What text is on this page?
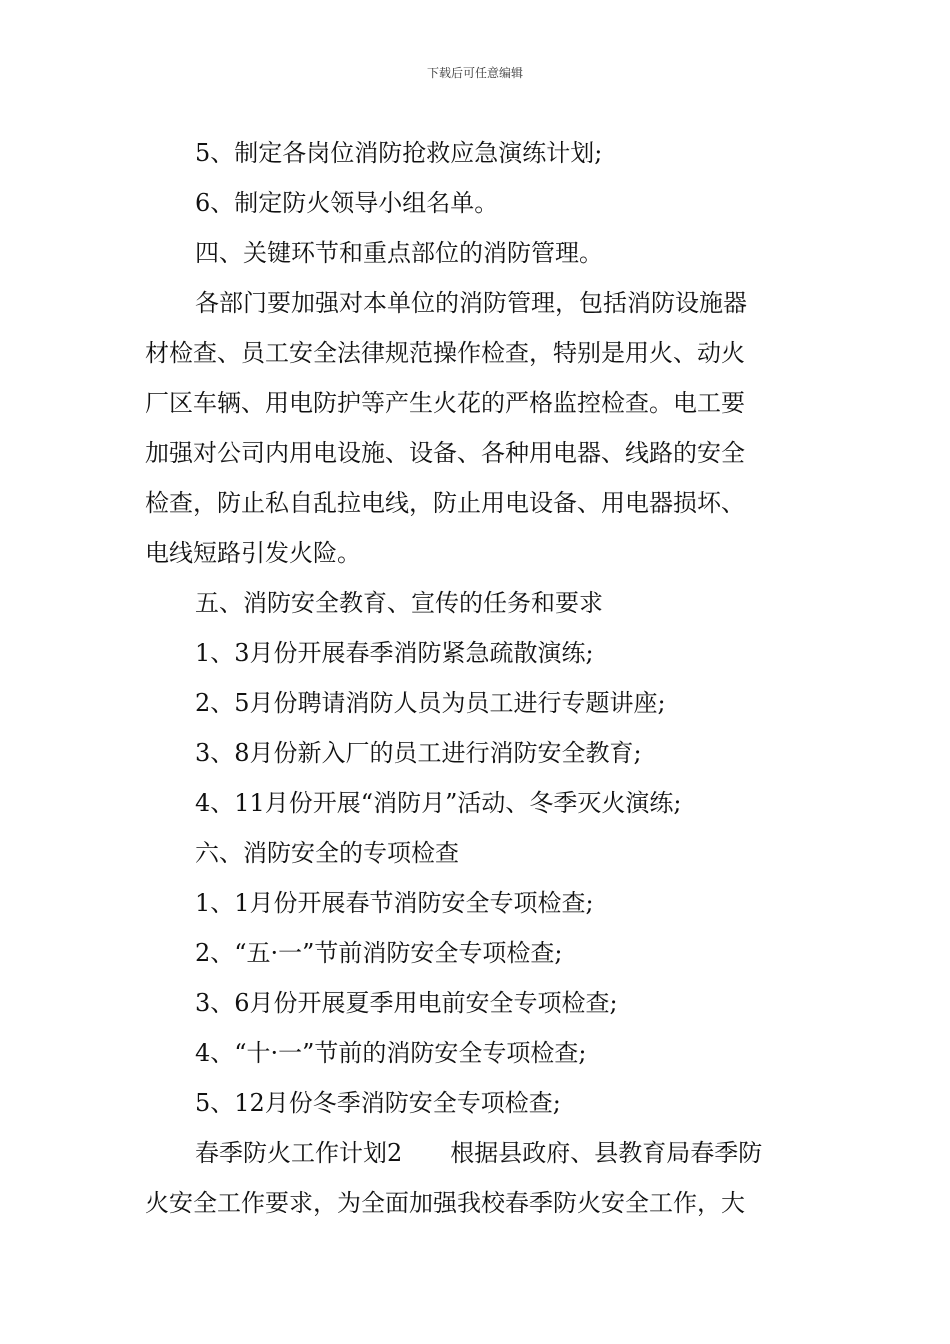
下载后可任意编辑
5、制定各岗位消防抢救应急演练计划;
6、制定防火领导小组名单。
四、关键环节和重点部位的消防管理。
各部门要加强对本单位的消防管理，包括消防设施器
材检查、员工安全法律规范操作检查，特别是用火、动火
厂区车辆、用电防护等产生火花的严格监控检查。电工要
加强对公司内用电设施、设备、各种用电器、线路的安全
检查，防止私自乱拉电线，防止用电设备、用电器损坏、
电线短路引发火险。
五、消防安全教育、宣传的任务和要求
1、3月份开展春季消防紧急疏散演练;
2、5月份聘请消防人员为员工进行专题讲座;
3、8月份新入厂的员工进行消防安全教育;
4、11月份开展“消防月”活动、冬季灭火演练;
六、消防安全的专项检查
1、1月份开展春节消防安全专项检查;
2、“五·一”节前消防安全专项检查;
3、6月份开展夏季用电前安全专项检查;
4、“十·一”节前的消防安全专项检查;
5、12月份冬季消防安全专项检查;
春季防火工作计划2　　根据县政府、县教育局春季防
火安全工作要求，为全面加强我校春季防火安全工作，大
